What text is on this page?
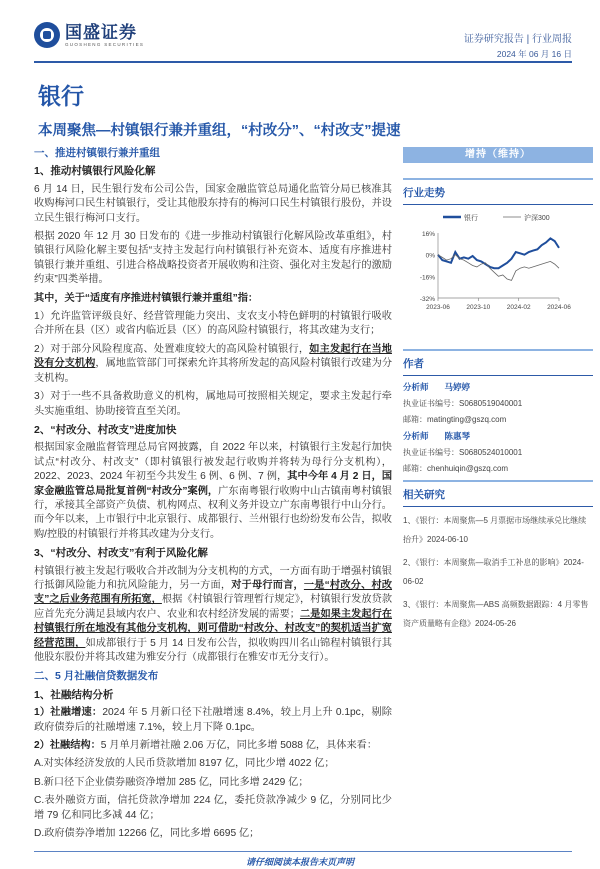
国盛证券
GUOSHENG SECURITIES	证券研究报告 | 行业周报
2024 年 06 月 16 日
银行
本周聚焦—村镇银行兼并重组，“村改分”、“村改支”提速
增持（维持）
一、推进村镇银行兼并重组
1、推动村镇银行风险化解

6 月 14 日，民生银行发布公司公告，国家金融监管总局通化监管分局已核准其收购梅河口民生村镇银行，受让其他股东持有的梅河口民生村镇银行股份，并设立民生银行梅河口支行。

根据 2020 年 12 月 30 日发布的《进一步推动村镇银行化解风险改革重组》，村镇银行风险化解主要包括“支持主发起行向村镇银行补充资本、适度有序推进村镇银行兼并重组、引进合格战略投资者开展收购和注资、强化对主发起行的激励约束”四类举措。

其中，关于“适度有序推进村镇银行兼并重组”指：

1）允许监管评级良好、经营管理能力突出、支农支小特色鲜明的村镇银行吸收合并所在县（区）或省内临近县（区）的高风险村镇银行，将其改建为支行；

2）对于部分风险程度高、处置难度较大的高风险村镇银行，如主发起行在当地没有分支机构，属地监管部门可探索允许其将所发起的高风险村镇银行改建为分支机构。

3）对于一些不具备救助意义的机构，属地局可按照相关规定，要求主发起行牵头实施重组、协助接管直至关闭。

2、“村改分、村改支”进度加快

根据国家金融监督管理总局官网披露，自 2022 年以来，村镇银行主发起行加快试点“村改分、村改支”（即村镇银行被发起行收购并将转为母行分支机构），2022、2023、2024 年初至今共发生 6 例、6 例、7 例，其中今年 4 月 2 日，国家金融监管总局批复首例“村改分”案例，广东南粤银行收购中山古镇南粤村镇银行，承接其全部资产负债、机构网点、权利义务并设立广东南粤银行中山分行。而今年以来，上市银行中北京银行、成都银行、兰州银行也纷纷发布公告，拟收购/控股的村镇银行并将其改建为分支行。

3、“村改分、村改支”有利于风险化解

村镇银行被主发起行吸收合并改制为分支机构的方式，一方面有助于增强村镇银行抵御风险能力和抗风险能力，另一方面，对于母行而言，一是“村改分、村改支”之后业务范围有所拓宽，根据《村镇银行管理暂行规定》，村镇银行发放贷款应首先充分满足县域内农户、农业和农村经济发展的需要；二是如果主发起行在村镇银行所在地没有其他分支机构，则可借助“村改分、村改支”的契机适当扩宽经营范围，如成都银行于 5 月 14 日发布公告，拟收购四川名山锦程村镇银行其他股东股份并将其改建为雅安分行（成都银行在雅安市无分支行）。

二、5 月社融信贷数据发布
1、社融结构分析

1）社融增速：2024 年 5 月新口径下社融增速 8.4%，较上月上升 0.1pc，剔除政府债券后的社融增速 7.1%，较上月下降 0.1pc。

2）社融结构：5 月单月新增社融 2.06 万亿，同比多增 5088 亿，具体来看：

A.对实体经济发放的人民币贷款增加 8197 亿，同比少增 4022 亿；

B.新口径下企业债券融资净增加 285 亿，同比多增 2429 亿；

C.表外融资方面，信托贷款净增加 224 亿，委托贷款净减少 9 亿，分别同比少增 79 亿和同比多减 44 亿；

D.政府债券净增加 12266 亿，同比多增 6695 亿；

行业走势
16%
0%
-16%
-32%
2023-06	2023-10	2024-02	2024-06
银行	沪深300
作者
分析师 马婷婷
执业证书编号：S0680519040001
邮箱：matingting@gszq.com
分析师 陈惠琴
执业证书编号：S0680524010001
邮箱：chenhuiqin@gszq.com
相关研究
1、《银行：本周聚焦—5 月票据市场继续承兑比继续抬升》2024-06-10
2、《银行：本周聚焦—取消手工补息的影响》2024-06-02
3、《银行：本周聚焦—ABS 高频数据跟踪：4 月零售资产质量略有企稳》2024-05-26
请仔细阅读本报告末页声明
